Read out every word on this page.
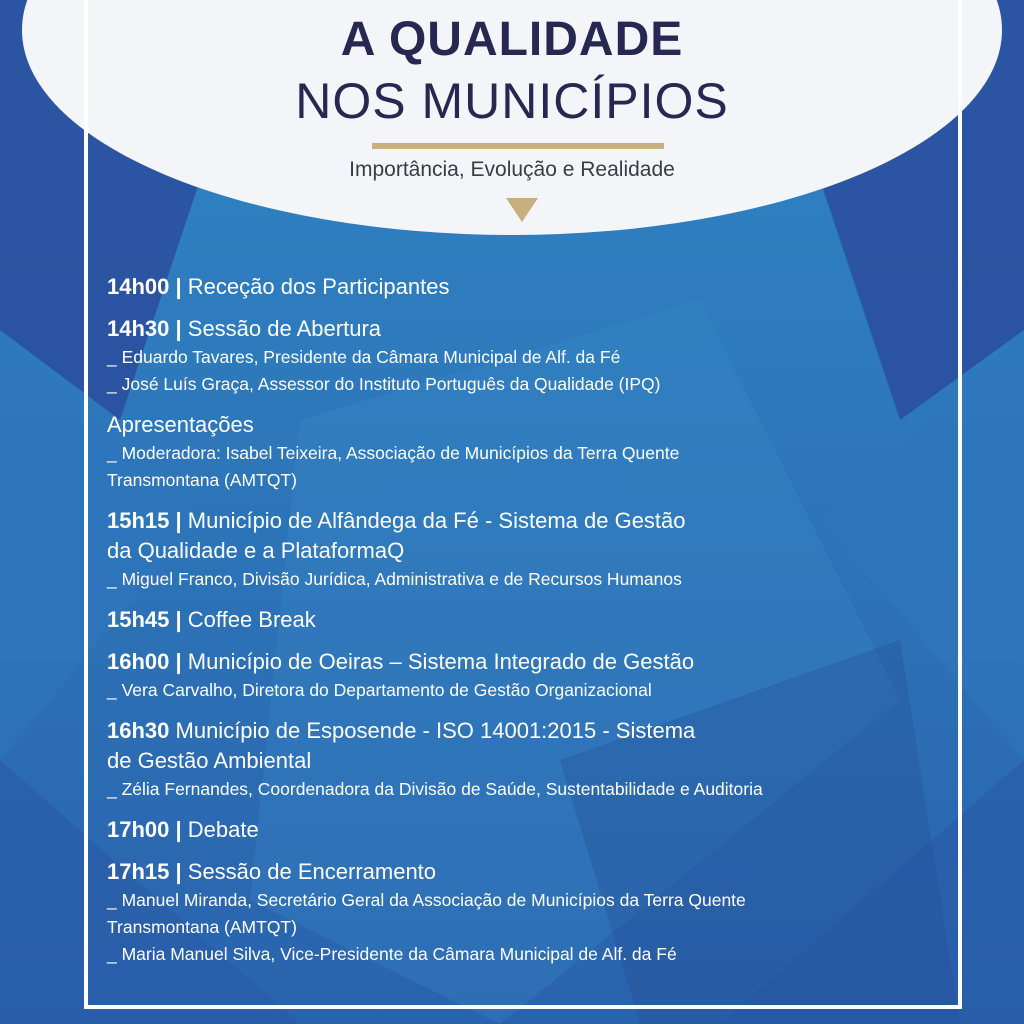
A QUALIDADE
NOS MUNICÍPIOS
Importância, Evolução e Realidade
14h00 | Receção dos Participantes
14h30 | Sessão de Abertura
_ Eduardo Tavares, Presidente da Câmara Municipal de Alf. da Fé
_ José Luís Graça, Assessor do Instituto Português da Qualidade (IPQ)
Apresentações
_ Moderadora: Isabel Teixeira, Associação de Municípios da Terra Quente
Transmontana (AMTQT)
15h15 | Município de Alfândega da Fé - Sistema de Gestão
da Qualidade e a PlataformaQ
_ Miguel Franco, Divisão Jurídica, Administrativa e de Recursos Humanos
15h45 | Coffee Break
16h00 | Município de Oeiras – Sistema Integrado de Gestão
_ Vera Carvalho, Diretora do Departamento de Gestão Organizacional
16h30 Município de Esposende - ISO 14001:2015 - Sistema
de Gestão Ambiental
_ Zélia Fernandes, Coordenadora da Divisão de Saúde, Sustentabilidade e Auditoria
17h00 | Debate
17h15 | Sessão de Encerramento
_ Manuel Miranda, Secretário Geral da Associação de Municípios da Terra Quente
Transmontana (AMTQT)
_ Maria Manuel Silva, Vice-Presidente da Câmara Municipal de Alf. da Fé
